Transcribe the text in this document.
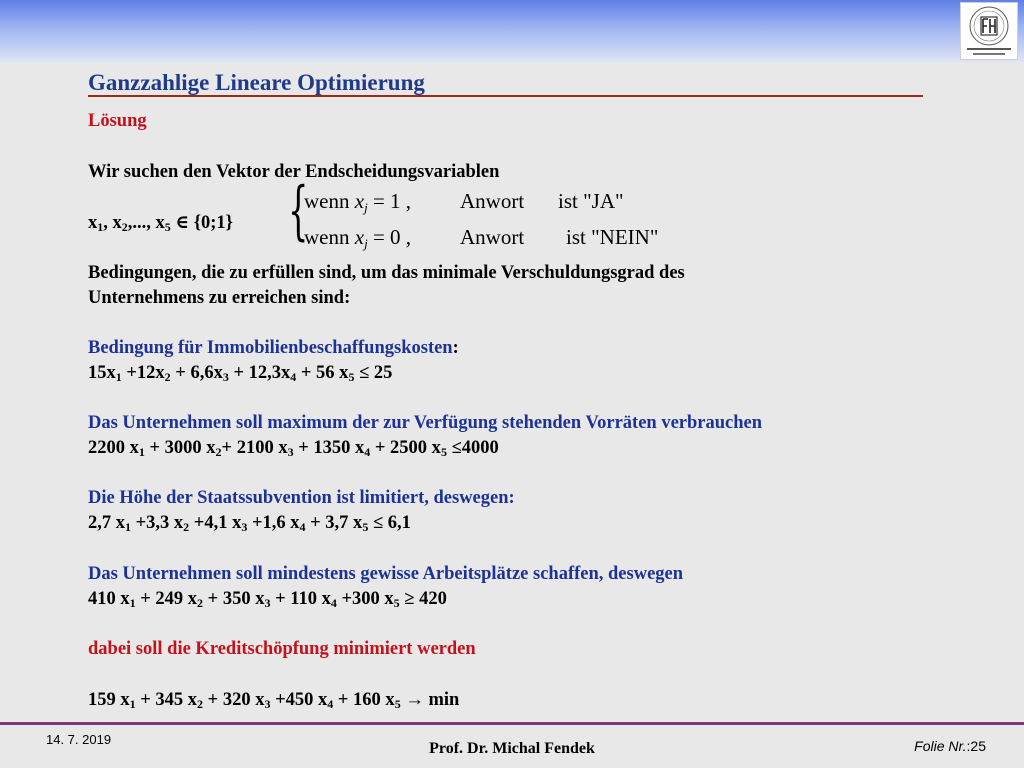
Ganzzahlige Lineare Optimierung
Lösung
Wir suchen den Vektor der Endscheidungsvariablen
$x_1$, $x_2$,..., $x_5$ ∈ {0;1} {
wenn $x_j = 1$ , Anwort ist "JA"
wenn $x_j = 0$ , Anwort ist "NEIN"
Bedingungen, die zu erfüllen sind, um das minimale Verschuldungsgrad des
Unternehmens zu erreichen sind:
Bedingung für Immobilienbeschaffungskosten:
$15x_1 +12x_2 + 6,6x_3 + 12,3x_4 + 56$ $x_5 \le 25$
Das Unternehmen soll maximum der zur Verfügung stehenden Vorräten verbrauchen
2200 $x_1 + 3000$ $x_2+ 2100$ $x_3 + 1350$ $x_4 + 2500$ $x_5 \le 4000$
Die Höhe der Staatssubvention ist limitiert, deswegen:
2,7 $x_1 +3,3$ $x_2 +4,1$ $x_3 +1,6$ $x_4 + 3,7$ $x_5 \le 6,1$
Das Unternehmen soll mindestens gewisse Arbeitsplätze schaffen, deswegen
410 $x_1 + 249$ $x_2 + 350$ $x_3 + 110$ $x_4 +300$ $x_5 \ge 420$
dabei soll die Kreditschöpfung minimiert werden
159 $x_1 + 345$ $x_2 + 320$ $x_3 +450$ $x_4 + 160$ $x_5 \to \min$
14. 7. 2019
Prof. Dr. Michal Fendek	Folie Nr.:25
